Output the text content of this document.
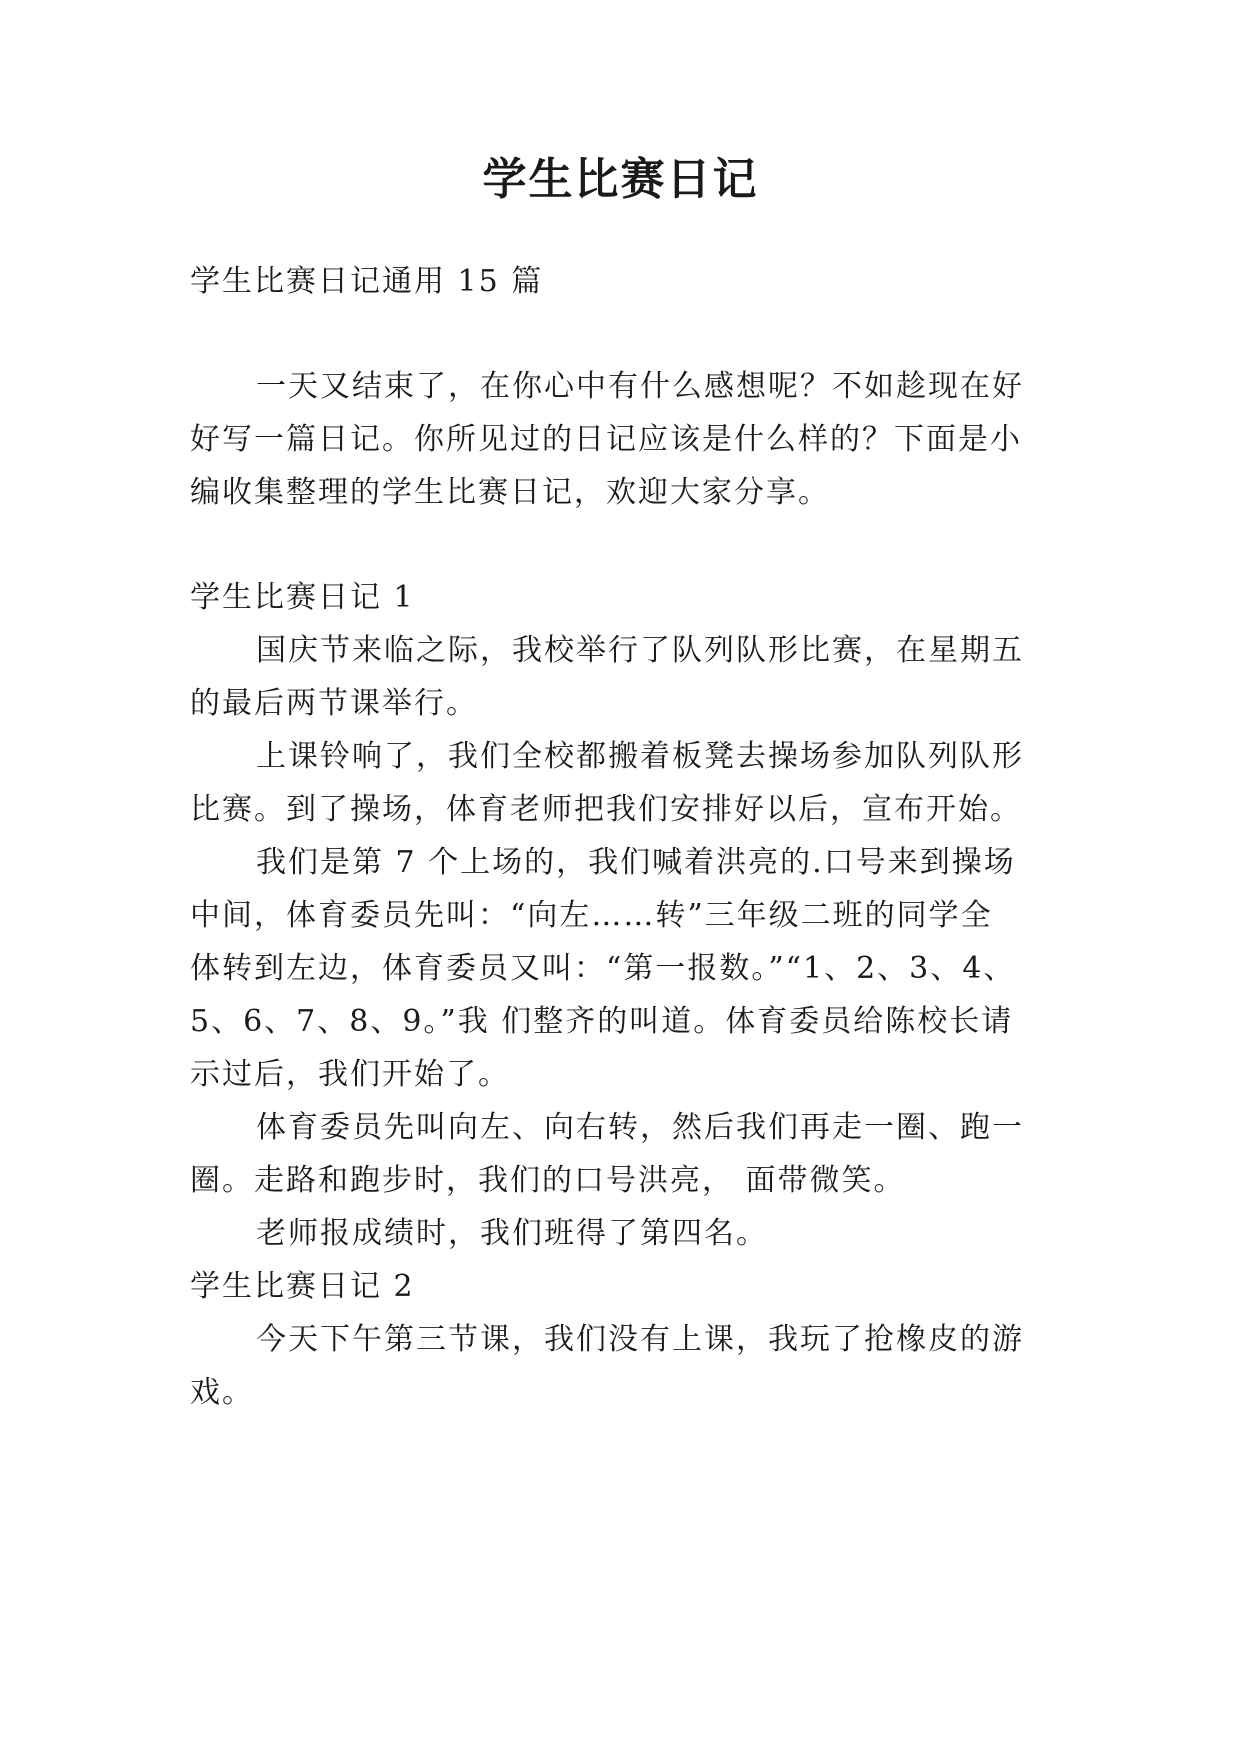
学生比赛日记
学生比赛日记通用 15 篇
一天又结束了，在你心中有什么感想呢？不如趁现在好
好写一篇日记。你所见过的日记应该是什么样的？下面是小
编收集整理的学生比赛日记，欢迎大家分享。
学生比赛日记 1
国庆节来临之际，我校举行了队列队形比赛，在星期五
的最后两节课举行。
上课铃响了，我们全校都搬着板凳去操场参加队列队形
比赛。到了操场，体育老师把我们安排好以后，宣布开始。
我们是第 7 个上场的，我们喊着洪亮的.口号来到操场
中间，体育委员先叫：“向左……转”三年级二班的同学全
体转到左边，体育委员又叫：“第一报数。”“1、2、3、4、
5、6、7、8、9。”我 们整齐的叫道。体育委员给陈校长请
示过后，我们开始了。
体育委员先叫向左、向右转，然后我们再走一圈、跑一
圈。走路和跑步时，我们的口号洪亮， 面带微笑。
老师报成绩时，我们班得了第四名。
学生比赛日记 2
今天下午第三节课，我们没有上课，我玩了抢橡皮的游
戏。
